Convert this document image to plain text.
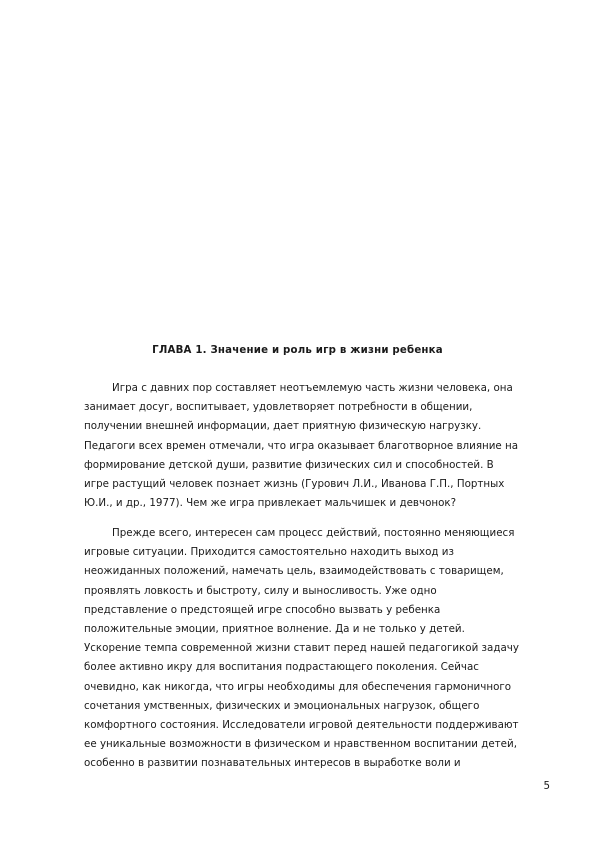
ГЛАВА 1. Значение и роль игр в жизни ребенка
Игра с давних пор составляет неотъемлемую часть жизни человека, она
занимает досуг, воспитывает, удовлетворяет потребности в общении,
получении внешней информации, дает приятную физическую нагрузку.
Педагоги всех времен отмечали, что игра оказывает благотворное влияние на
формирование детской души, развитие физических сил и способностей. В
игре растущий человек познает жизнь (Гурович Л.И., Иванова Г.П., Портных
Ю.И., и др., 1977). Чем же игра привлекает мальчишек и девчонок?
Прежде всего, интересен сам процесс действий, постоянно меняющиеся
игровые ситуации. Приходится самостоятельно находить выход из
неожиданных положений, намечать цель, взаимодействовать с товарищем,
проявлять ловкость и быстроту, силу и выносливость. Уже одно
представление о предстоящей игре способно вызвать у ребенка
положительные эмоции, приятное волнение. Да и не только у детей.
Ускорение темпа современной жизни ставит перед нашей педагогикой задачу
более активно икру для воспитания подрастающего поколения. Сейчас
очевидно, как никогда, что игры необходимы для обеспечения гармоничного
сочетания умственных, физических и эмоциональных нагрузок, общего
комфортного состояния. Исследователи игровой деятельности поддерживают
ее уникальные возможности в физическом и нравственном воспитании детей,
особенно в развитии познавательных интересов в выработке воли и
5
